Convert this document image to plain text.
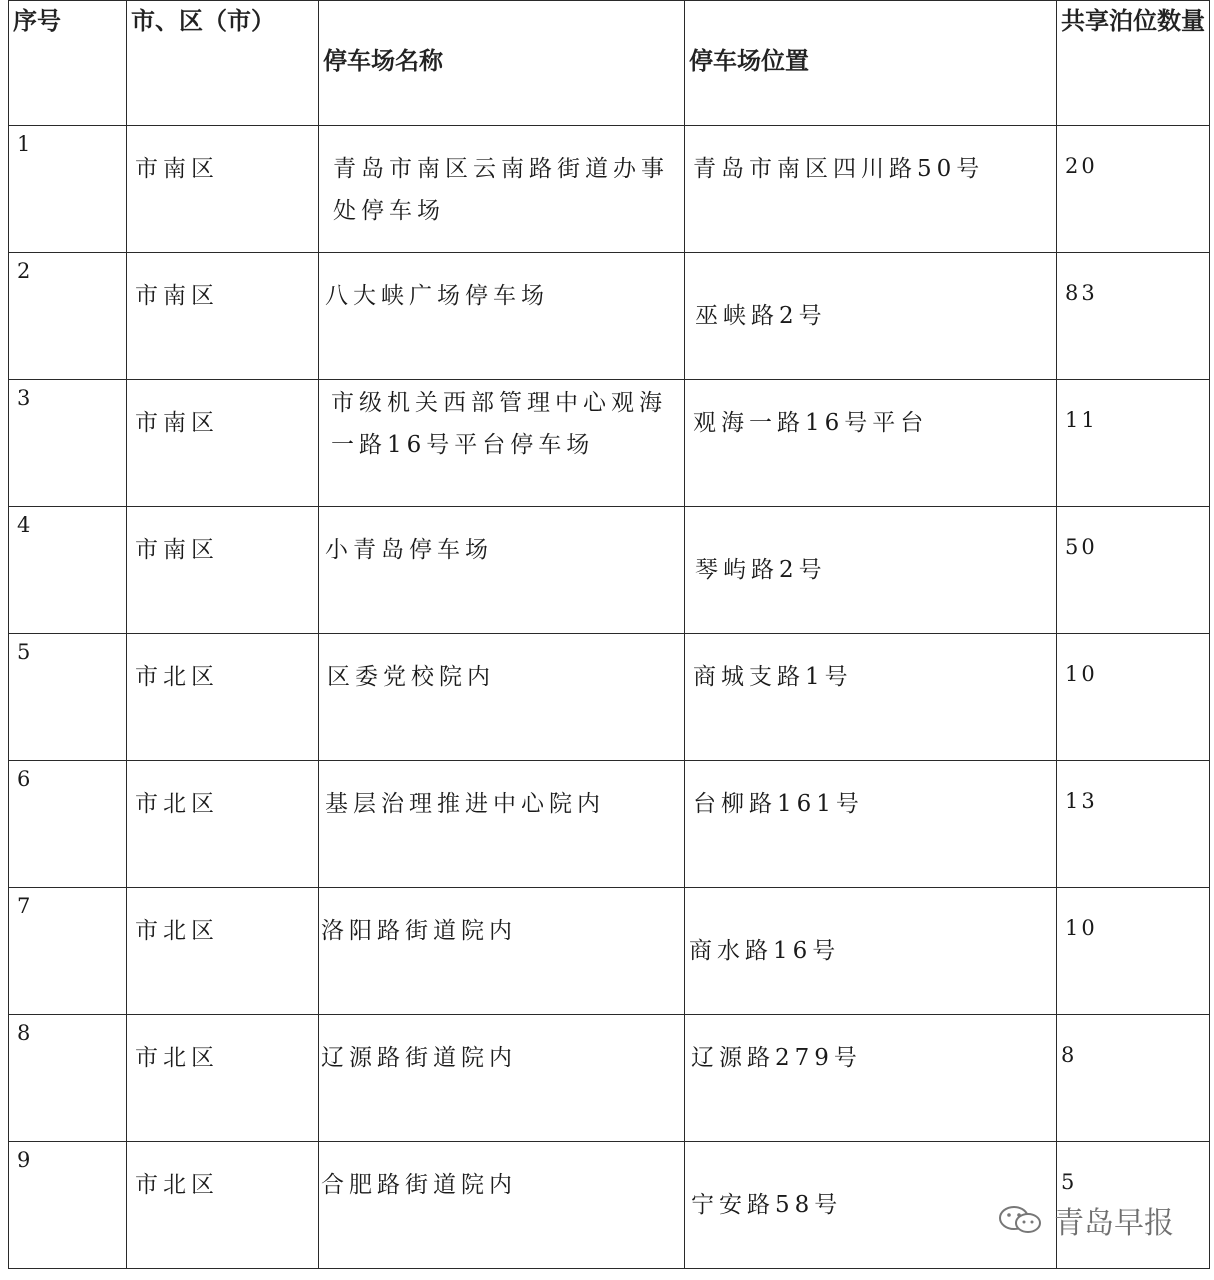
序号	市、区（市）	停车场名称	停车场位置	共享泊位数量

1	市南区	青岛市南区云南路街道办事处停车场	青岛市南区四川路50号	20

2	市南区	八大峡广场停车场	巫峡路2号	83

3	市南区	市级机关西部管理中心观海一路16号平台停车场	观海一路16号平台	11

4	市南区	小青岛停车场	琴屿路2号	50

5	市北区	区委党校院内	商城支路1号	10

6	市北区	基层治理推进中心院内	台柳路161号	13

7	市北区	洛阳路街道院内	商水路16号	10

8	市北区	辽源路街道院内	辽源路279号	8

9	市北区	合肥路街道院内	宁安路58号	5
青岛早报
